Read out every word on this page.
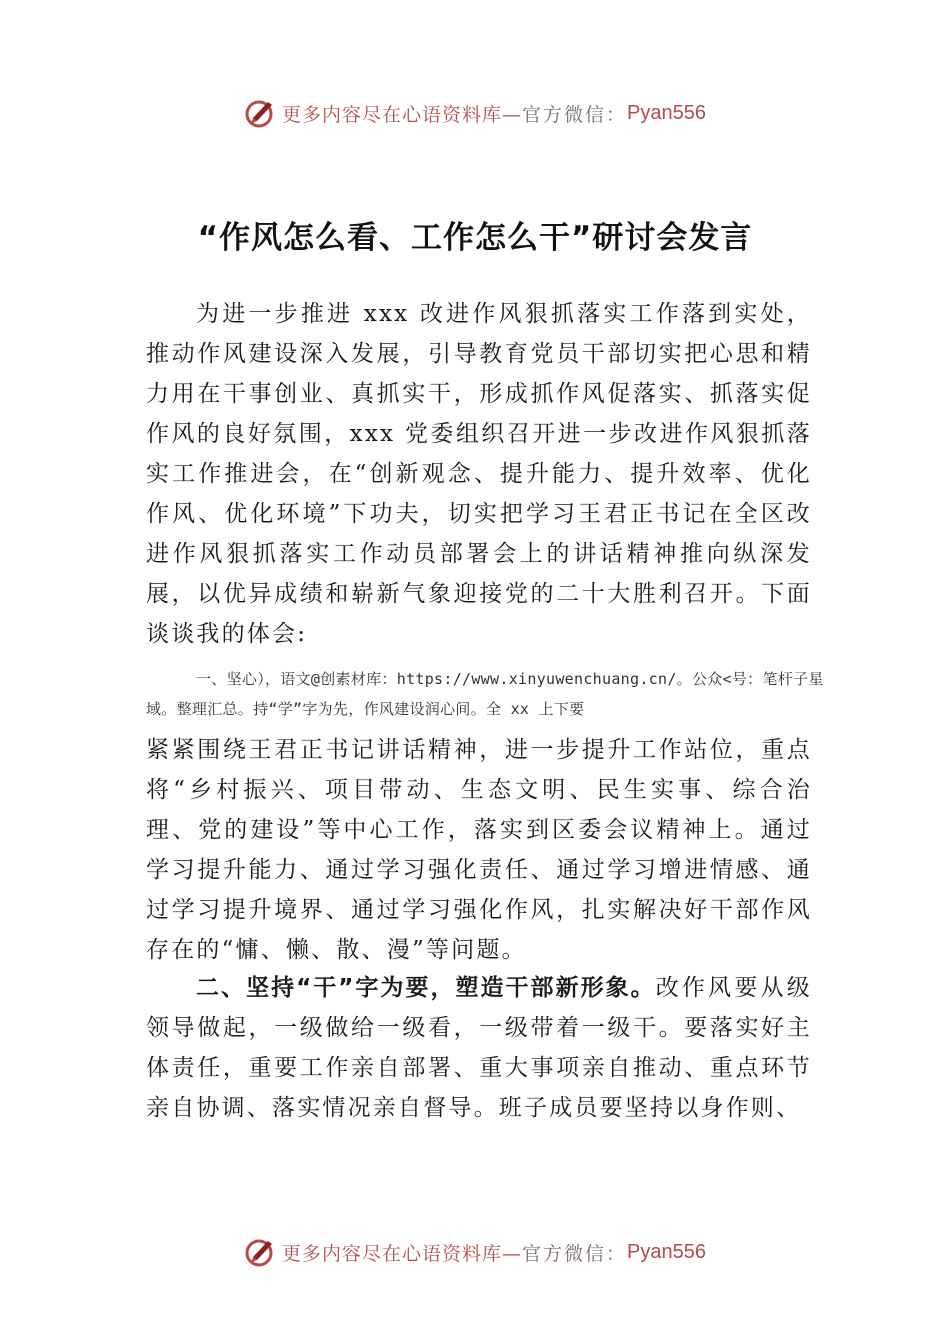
更多内容尽在心语资料库— 官方微信： Pyan556
“作风怎么看、工作怎么干”研讨会发言

为进一步推进 xxx 改进作风狠抓落实工作落到实处，推动作风建设深入发展，引导教育党员干部切实把心思和精力用在干事创业、真抓实干，形成抓作风促落实、抓落实促作风的良好氛围，xxx 党委组织召开进一步改进作风狠抓落实工作推进会，在“创新观念、提升能力、提升效率、优化作风、优化环境”下功夫，切实把学习王君正书记在全区改进作风狠抓落实工作动员部署会上的讲话精神推向纵深发展，以优异成绩和崭新气象迎接党的二十大胜利召开。下面谈谈我的体会:

一、坚心），语文@创素材库：https://www.xinyuwenchuang.cn/。公众<号：笔杆子星域。整理汇总。持“学”字为先，作风建设润心间。全 xx 上下要

紧紧围绕王君正书记讲话精神，进一步提升工作站位，重点将“乡村振兴、项目带动、生态文明、民生实事、综合治理、党的建设”等中心工作，落实到区委会议精神上。通过学习提升能力、通过学习强化责任、通过学习增进情感、通过学习提升境界、通过学习强化作风，扎实解决好干部作风存在的“慵、懒、散、漫”等问题。

二、坚持“干”字为要，塑造干部新形象。改作风要从级领导做起，一级做给一级看，一级带着一级干。要落实好主体责任，重要工作亲自部署、重大事项亲自推动、重点环节亲自协调、落实情况亲自督导。班子成员要坚持以身作则、

更多内容尽在心语资料库— 官方微信： Pyan556
